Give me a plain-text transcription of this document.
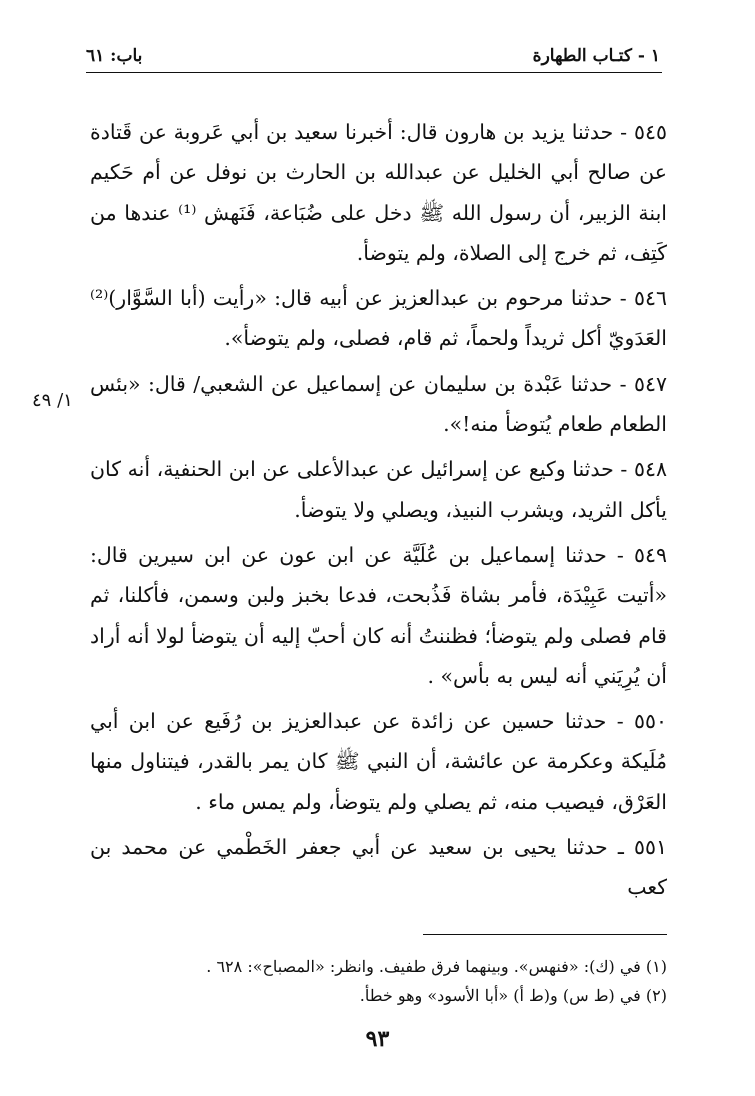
١ - كتـاب الطهارة
باب: ٦١

٥٤٥ - حدثنا يزيد بن هارون قال: أخبرنا سعيد بن أبي عَروبة عن قَتادة عن صالح أبي الخليل عن عبدالله بن الحارث بن نوفل عن أم حَكيم ابنة الزبير، أن رسول الله ﷺ دخل على ضُبَاعة، فَنَهش ⁽¹⁾ عندها من كَتِف، ثم خرج إلى الصلاة، ولم يتوضأ.

٥٤٦ - حدثنا مرحوم بن عبدالعزيز عن أبيه قال: «رأيت (أبا السَّوَّار)⁽²⁾ العَدَويّ أكل ثريداً ولحماً، ثم قام، فصلى، ولم يتوضأ».

٥٤٧ - حدثنا عَبْدة بن سليمان عن إسماعيل عن الشعبي/ قال: «بئس الطعام طعام يُتوضأ منه!».

٥٤٨ - حدثنا وكيع عن إسرائيل عن عبدالأعلى عن ابن الحنفية، أنه كان يأكل الثريد، ويشرب النبيذ، ويصلي ولا يتوضأ.

٥٤٩ - حدثنا إسماعيل بن عُلَيَّة عن ابن عون عن ابن سيرين قال: «أتيت عَبِيْدَة، فأمر بشاة فَذُبحت، فدعا بخبز ولبن وسمن، فأكلنا، ثم قام فصلى ولم يتوضأ؛ فظننتُ أنه كان أحبّ إليه أن يتوضأ لولا أنه أراد أن يُرِيَني أنه ليس به بأس» .

٥٥٠ - حدثنا حسين عن زائدة عن عبدالعزيز بن رُفَيع عن ابن أبي مُلَيكة وعكرمة عن عائشة، أن النبي ﷺ كان يمر بالقدر، فيتناول منها العَرْق، فيصيب منه، ثم يصلي ولم يتوضأ، ولم يمس ماء .

٥٥١ ـ حدثنا يحيى بن سعيد عن أبي جعفر الخَطْمي عن محمد بن كعب

١/ ٤٩
(١) في (ك): «فنهس». وبينهما فرق طفيف. وانظر: «المصباح»: ٦٢٨ .
(٢) في (ط س) و(ط أ) «أبا الأسود» وهو خطأ.
٩٣
